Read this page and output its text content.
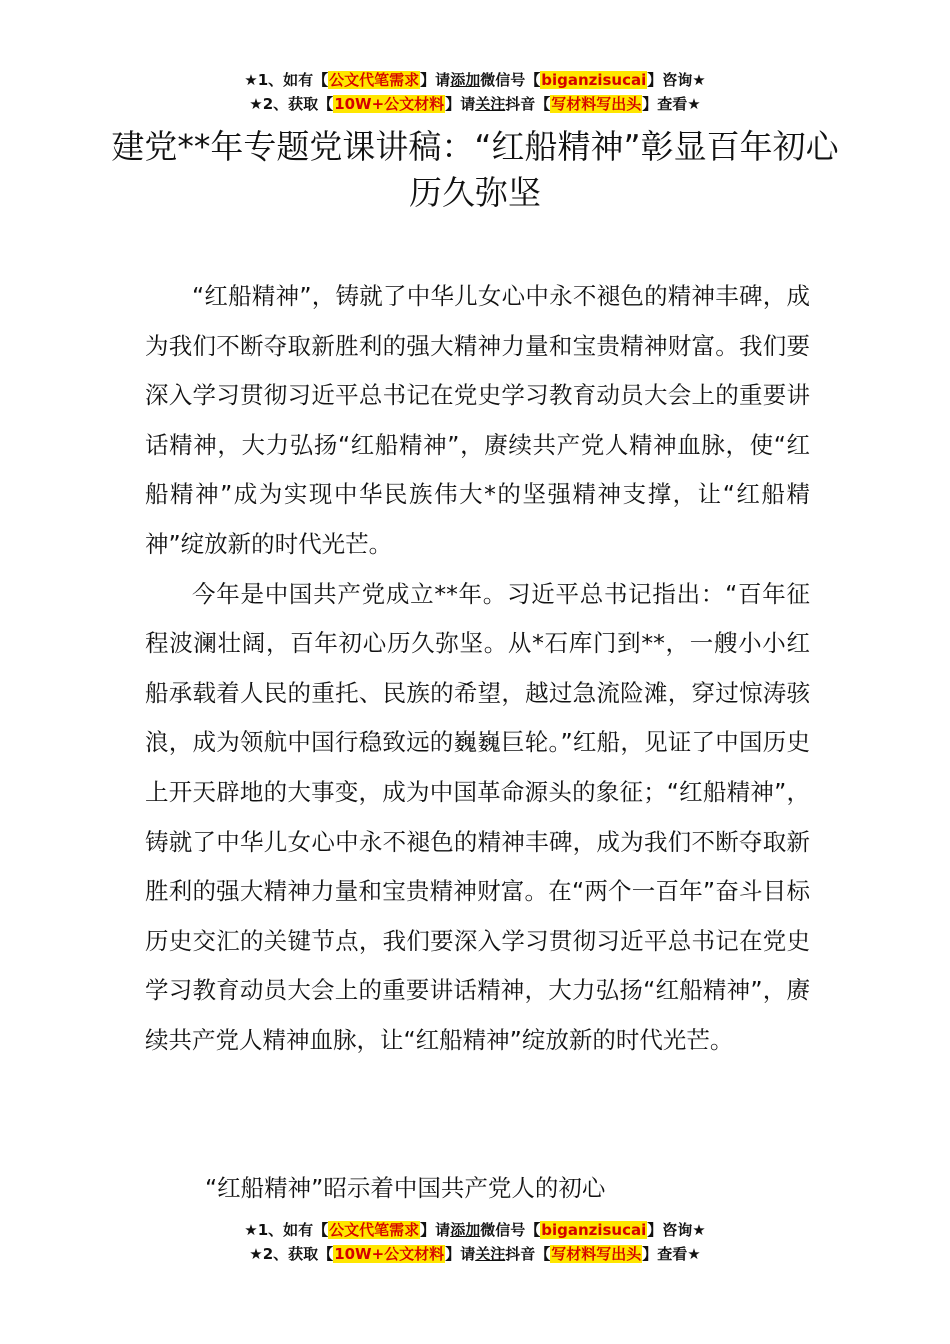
★1、如有【公文代笔需求】请添加微信号【biganzisucai】咨询★
★2、获取【10W+公文材料】请关注抖音【写材料写出头】查看★
建党**年专题党课讲稿：“红船精神”彰显百年初心历久弥坚

“红船精神”，铸就了中华儿女心中永不褪色的精神丰碑，成为我们不断夺取新胜利的强大精神力量和宝贵精神财富。我们要深入学习贯彻习近平总书记在党史学习教育动员大会上的重要讲话精神，大力弘扬“红船精神”，赓续共产党人精神血脉，使“红船精神”成为实现中华民族伟大*的坚强精神支撑，让“红船精神”绽放新的时代光芒。

今年是中国共产党成立**年。习近平总书记指出：“百年征程波澜壮阔，百年初心历久弥坚。从*石库门到**，一艘小小红船承载着人民的重托、民族的希望，越过急流险滩，穿过惊涛骇浪，成为领航中国行稳致远的巍巍巨轮。”红船，见证了中国历史上开天辟地的大事变，成为中国革命源头的象征；“红船精神”，铸就了中华儿女心中永不褪色的精神丰碑，成为我们不断夺取新胜利的强大精神力量和宝贵精神财富。在“两个一百年”奋斗目标历史交汇的关键节点，我们要深入学习贯彻习近平总书记在党史学习教育动员大会上的重要讲话精神，大力弘扬“红船精神”，赓续共产党人精神血脉，让“红船精神”绽放新的时代光芒。

“红船精神”昭示着中国共产党人的初心
★1、如有【公文代笔需求】请添加微信号【biganzisucai】咨询★
★2、获取【10W+公文材料】请关注抖音【写材料写出头】查看★
